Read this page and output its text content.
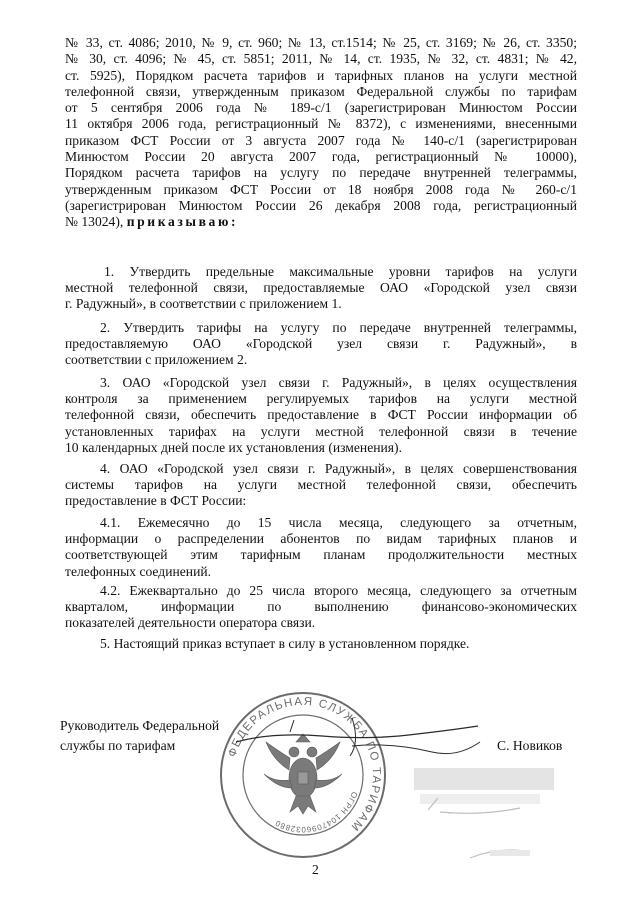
№ 33, ст. 4086; 2010, № 9, ст. 960; № 13, ст.1514; № 25, ст. 3169; № 26, ст. 3350;
№ 30, ст. 4096; № 45, ст. 5851; 2011, № 14, ст. 1935, № 32, ст. 4831; № 42,
ст. 5925), Порядком расчета тарифов и тарифных планов на услуги местной
телефонной связи, утвержденным приказом Федеральной службы по тарифам
от 5 сентября 2006 года № 189-с/1 (зарегистрирован Минюстом России
11 октября 2006 года, регистрационный № 8372), с изменениями, внесенными
приказом ФСТ России от 3 августа 2007 года № 140-с/1 (зарегистрирован
Минюстом России 20 августа 2007 года, регистрационный № 10000),
Порядком расчета тарифов на услугу по передаче внутренней телеграммы,
утвержденным приказом ФСТ России от 18 ноября 2008 года № 260-с/1
(зарегистрирован Минюстом России 26 декабря 2008 года, регистрационный
№ 13024), приказываю:
1. Утвердить предельные максимальные уровни тарифов на услуги
местной телефонной связи, предоставляемые ОАО «Городской узел связи
г. Радужный», в соответствии с приложением 1.
2. Утвердить тарифы на услугу по передаче внутренней телеграммы,
предоставляемую ОАО «Городской узел связи г. Радужный», в
соответствии с приложением 2.
3. ОАО «Городской узел связи г. Радужный», в целях осуществления
контроля за применением регулируемых тарифов на услуги местной
телефонной связи, обеспечить предоставление в ФСТ России информации об
установленных тарифах на услуги местной телефонной связи в течение
10 календарных дней после их установления (изменения).
4. ОАО «Городской узел связи г. Радужный», в целях совершенствования
системы тарифов на услуги местной телефонной связи, обеспечить
предоставление в ФСТ России:
4.1. Ежемесячно до 15 числа месяца, следующего за отчетным,
информации о распределении абонентов по видам тарифных планов и
соответствующей этим тарифным планам продолжительности местных
телефонных соединений.
4.2. Ежеквартально до 25 числа второго месяца, следующего за отчетным
кварталом, информации по выполнению финансово-экономических
показателей деятельности оператора связи.
5. Настоящий приказ вступает в силу в установленном порядке.
ФЕДЕРАЛЬНАЯ СЛУЖБА ПО ТАРИФАМ
ОГРН 1047096032880
Руководитель Федеральной
службы по тарифам	С. Новиков
2
